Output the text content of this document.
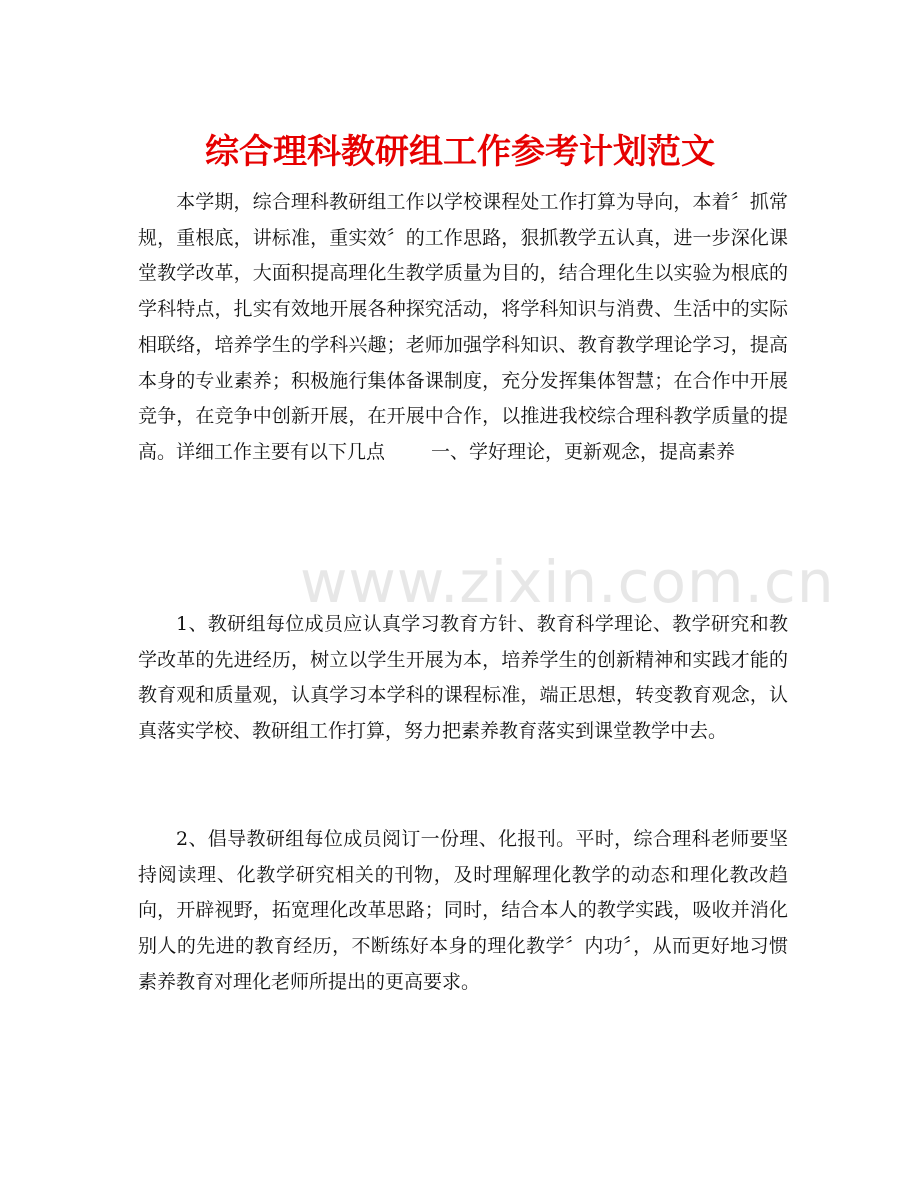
综合理科教研组工作参考计划范文

本学期，综合理科教研组工作以学校课程处工作打算为导向，本着〞抓常规，重根底，讲标准，重实效〞的工作思路，狠抓教学五认真，进一步深化课堂教学改革，大面积提高理化生教学质量为目的，结合理化生以实验为根底的学科特点，扎实有效地开展各种探究活动，将学科知识与消费、生活中的实际相联络，培养学生的学科兴趣；老师加强学科知识、教育教学理论学习，提高本身的专业素养；积极施行集体备课制度，充分发挥集体智慧；在合作中开展竞争，在竞争中创新开展，在开展中合作，以推进我校综合理科教学质量的提高。详细工作主要有以下几点 一、学好理论，更新观念，提高素养

1、教研组每位成员应认真学习教育方针、教育科学理论、教学研究和教学改革的先进经历，树立以学生开展为本，培养学生的创新精神和实践才能的教育观和质量观，认真学习本学科的课程标准，端正思想，转变教育观念，认真落实学校、教研组工作打算，努力把素养教育落实到课堂教学中去。

2、倡导教研组每位成员阅订一份理、化报刊。平时，综合理科老师要坚持阅读理、化教学研究相关的刊物，及时理解理化教学的动态和理化教改趋向，开辟视野，拓宽理化改革思路；同时，结合本人的教学实践，吸收并消化别人的先进的教育经历，不断练好本身的理化教学〞内功〞，从而更好地习惯素养教育对理化老师所提出的更高要求。

www.zixin.com.cn
